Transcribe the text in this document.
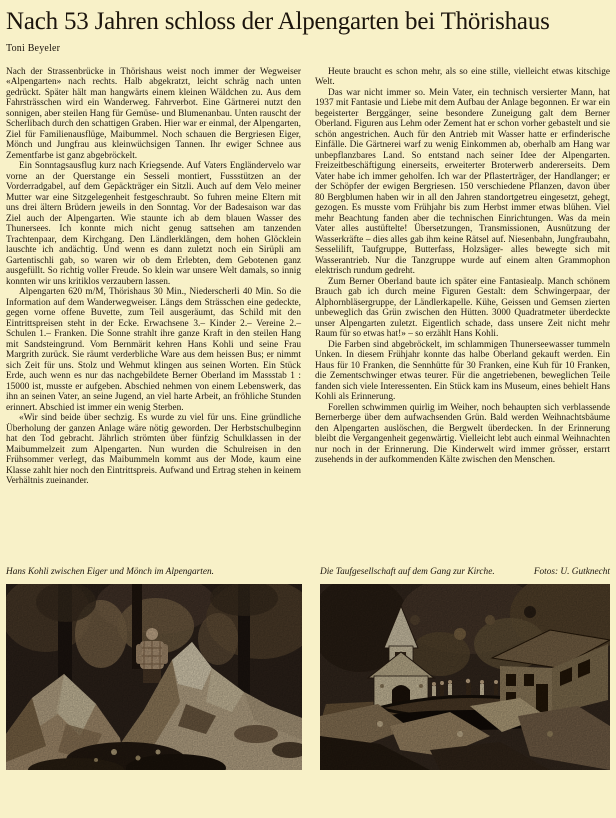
Nach 53 Jahren schloss der Alpengarten bei Thörishaus
Toni Beyeler

Nach der Strassenbrücke in Thörishaus weist noch immer der Wegweiser «Alpengarten» nach rechts. Halb abgekratzt, leicht schräg nach unten gedrückt. Später hält man hangwärts einem kleinen Wäldchen zu. Aus dem Fahrsträsschen wird ein Wanderweg. Fahrverbot. Eine Gärtnerei nutzt den sonnigen, aber steilen Hang für Gemüse- und Blumenanbau. Unten rauscht der Scherlibach durch den schattigen Graben. Hier war er einmal, der Alpengarten, Ziel für Familienausflüge, Maibummel. Noch schauen die Bergriesen Eiger, Mönch und Jungfrau aus kleinwüchsigen Tannen. Ihr ewiger Schnee aus Zementfarbe ist ganz abgebröckelt.

Ein Sonntagsausflug kurz nach Kriegsende. Auf Vaters Engländervelo war vorne an der Querstange ein Sesseli montiert, Fussstützen an der Vorderradgabel, auf dem Gepäckträger ein Sitzli. Auch auf dem Velo meiner Mutter war eine Sitzgelegenheit festgeschraubt. So fuhren meine Eltern mit uns drei ältern Brüdern jeweils in den Sonntag. Vor der Badesaison war das Ziel auch der Alpengarten. Wie staunte ich ab dem blauen Wasser des Thunersees. Ich konnte mich nicht genug sattsehen am tanzenden Trachtenpaar, dem Kirchgang. Den Ländlerklängen, dem hohen Glöcklein lauschte ich andächtig. Und wenn es dann zuletzt noch ein Sirüpli am Gartentischli gab, so waren wir ob dem Erlebten, dem Gebotenen ganz ausgefüllt. So richtig voller Freude. So klein war unsere Welt damals, so innig konnten wir uns kritiklos verzaubern lassen.

Alpengarten 620 m/M, Thörishaus 30 Min., Niederscherli 40 Min. So die Information auf dem Wanderwegweiser. Längs dem Strässchen eine gedeckte, gegen vorne offene Buvette, zum Teil ausgeräumt, das Schild mit den Eintrittspreisen steht in der Ecke. Erwachsene 3.– Kinder 2.– Vereine 2.– Schulen 1.– Franken. Die Sonne strahlt ihre ganze Kraft in den steilen Hang mit Sandsteingrund. Vom Bernmärit kehren Hans Kohli und seine Frau Margrith zurück. Sie räumt verderbliche Ware aus dem heissen Bus; er nimmt sich Zeit für uns. Stolz und Wehmut klingen aus seinen Worten. Ein Stück Erde, auch wenn es nur das nachgebildete Berner Oberland im Massstab 1 : 15000 ist, musste er aufgeben. Abschied nehmen von einem Lebenswerk, das ihn an seinen Vater, an seine Jugend, an viel harte Arbeit, an fröhliche Stunden erinnert. Abschied ist immer ein wenig Sterben.

«Wir sind beide über sechzig. Es wurde zu viel für uns. Eine gründliche Überholung der ganzen Anlage wäre nötig geworden. Der Herbstschulbeginn hat den Tod gebracht. Jährlich strömten über fünfzig Schulklassen in der Maibummelzeit zum Alpengarten. Nun wurden die Schulreisen in den Frühsommer verlegt, das Maibummeln kommt aus der Mode, kaum eine Klasse zahlt hier noch den Eintrittspreis. Aufwand und Ertrag stehen in keinem Verhältnis zueinander.

Heute braucht es schon mehr, als so eine stille, vielleicht etwas kitschige Welt.

Das war nicht immer so. Mein Vater, ein technisch versierter Mann, hat 1937 mit Fantasie und Liebe mit dem Aufbau der Anlage begonnen. Er war ein begeisterter Berggänger, seine besondere Zuneigung galt dem Berner Oberland. Figuren aus Lehm oder Zement hat er schon vorher gebastelt und sie schön angestrichen. Auch für den Antrieb mit Wasser hatte er erfinderische Einfälle. Die Gärtnerei warf zu wenig Einkommen ab, oberhalb am Hang war unbepflanzbares Land. So entstand nach seiner Idee der Alpengarten. Freizeitbeschäftigung einerseits, erweiterter Broterwerb andererseits. Dem Vater habe ich immer geholfen. Ich war der Pflasterträger, der Handlanger; er der Schöpfer der ewigen Bergriesen. 150 verschiedene Pflanzen, davon über 80 Bergblumen haben wir in all den Jahren standortgetreu eingesetzt, gehegt, gezogen. Es musste vom Frühjahr bis zum Herbst immer etwas blühen. Viel mehr Beachtung fanden aber die technischen Einrichtungen. Was da mein Vater alles austüftelte! Übersetzungen, Transmissionen, Ausnützung der Wasserkräfte – dies alles gab ihm keine Rätsel auf. Niesenbahn, Jungfraubahn, Sesselilift, Taufgruppe, Butterfass, Holzsäger- alles bewegte sich mit Wasserantrieb. Nur die Tanzgruppe wurde auf einem alten Grammophon elektrisch rundum gedreht.

Zum Berner Oberland baute ich später eine Fantasiealp. Manch schönem Brauch gab ich durch meine Figuren Gestalt: dem Schwingerpaar, der Alphornbläsergruppe, der Ländlerkapelle. Kühe, Geissen und Gemsen zierten unbeweglich das Grün zwischen den Hütten. 3000 Quadratmeter überdeckte unser Alpengarten zuletzt. Eigentlich schade, dass unsere Zeit nicht mehr Raum für so etwas hat!» – so erzählt Hans Kohli.

Die Farben sind abgebröckelt, im schlammigen Thunerseewasser tummeln Unken. In diesem Frühjahr konnte das halbe Oberland gekauft werden. Ein Haus für 10 Franken, die Sennhütte für 30 Franken, eine Kuh für 10 Franken, die Zementschwinger etwas teurer. Für die angetriebenen, beweglichen Teile fanden sich viele Interessenten. Ein Stück kam ins Museum, eines behielt Hans Kohli als Erinnerung.

Forellen schwimmen quirlig im Weiher, noch behaupten sich verblassende Bernerberge über dem aufwachsenden Grün. Bald werden Weihnachtsbäume den Alpengarten auslöschen, die Bergwelt überdecken. In der Erinnerung bleibt die Vergangenheit gegenwärtig. Vielleicht lebt auch einmal Weihnachten nur noch in der Erinnerung. Die Kinderwelt wird immer grösser, erstarrt zusehends in der aufkommenden Kälte zwischen den Menschen.

Hans Kohli zwischen Eiger und Mönch im Alpengarten.	Die Taufgesellschaft auf dem Gang zur Kirche.	Fotos: U. Gutknecht
